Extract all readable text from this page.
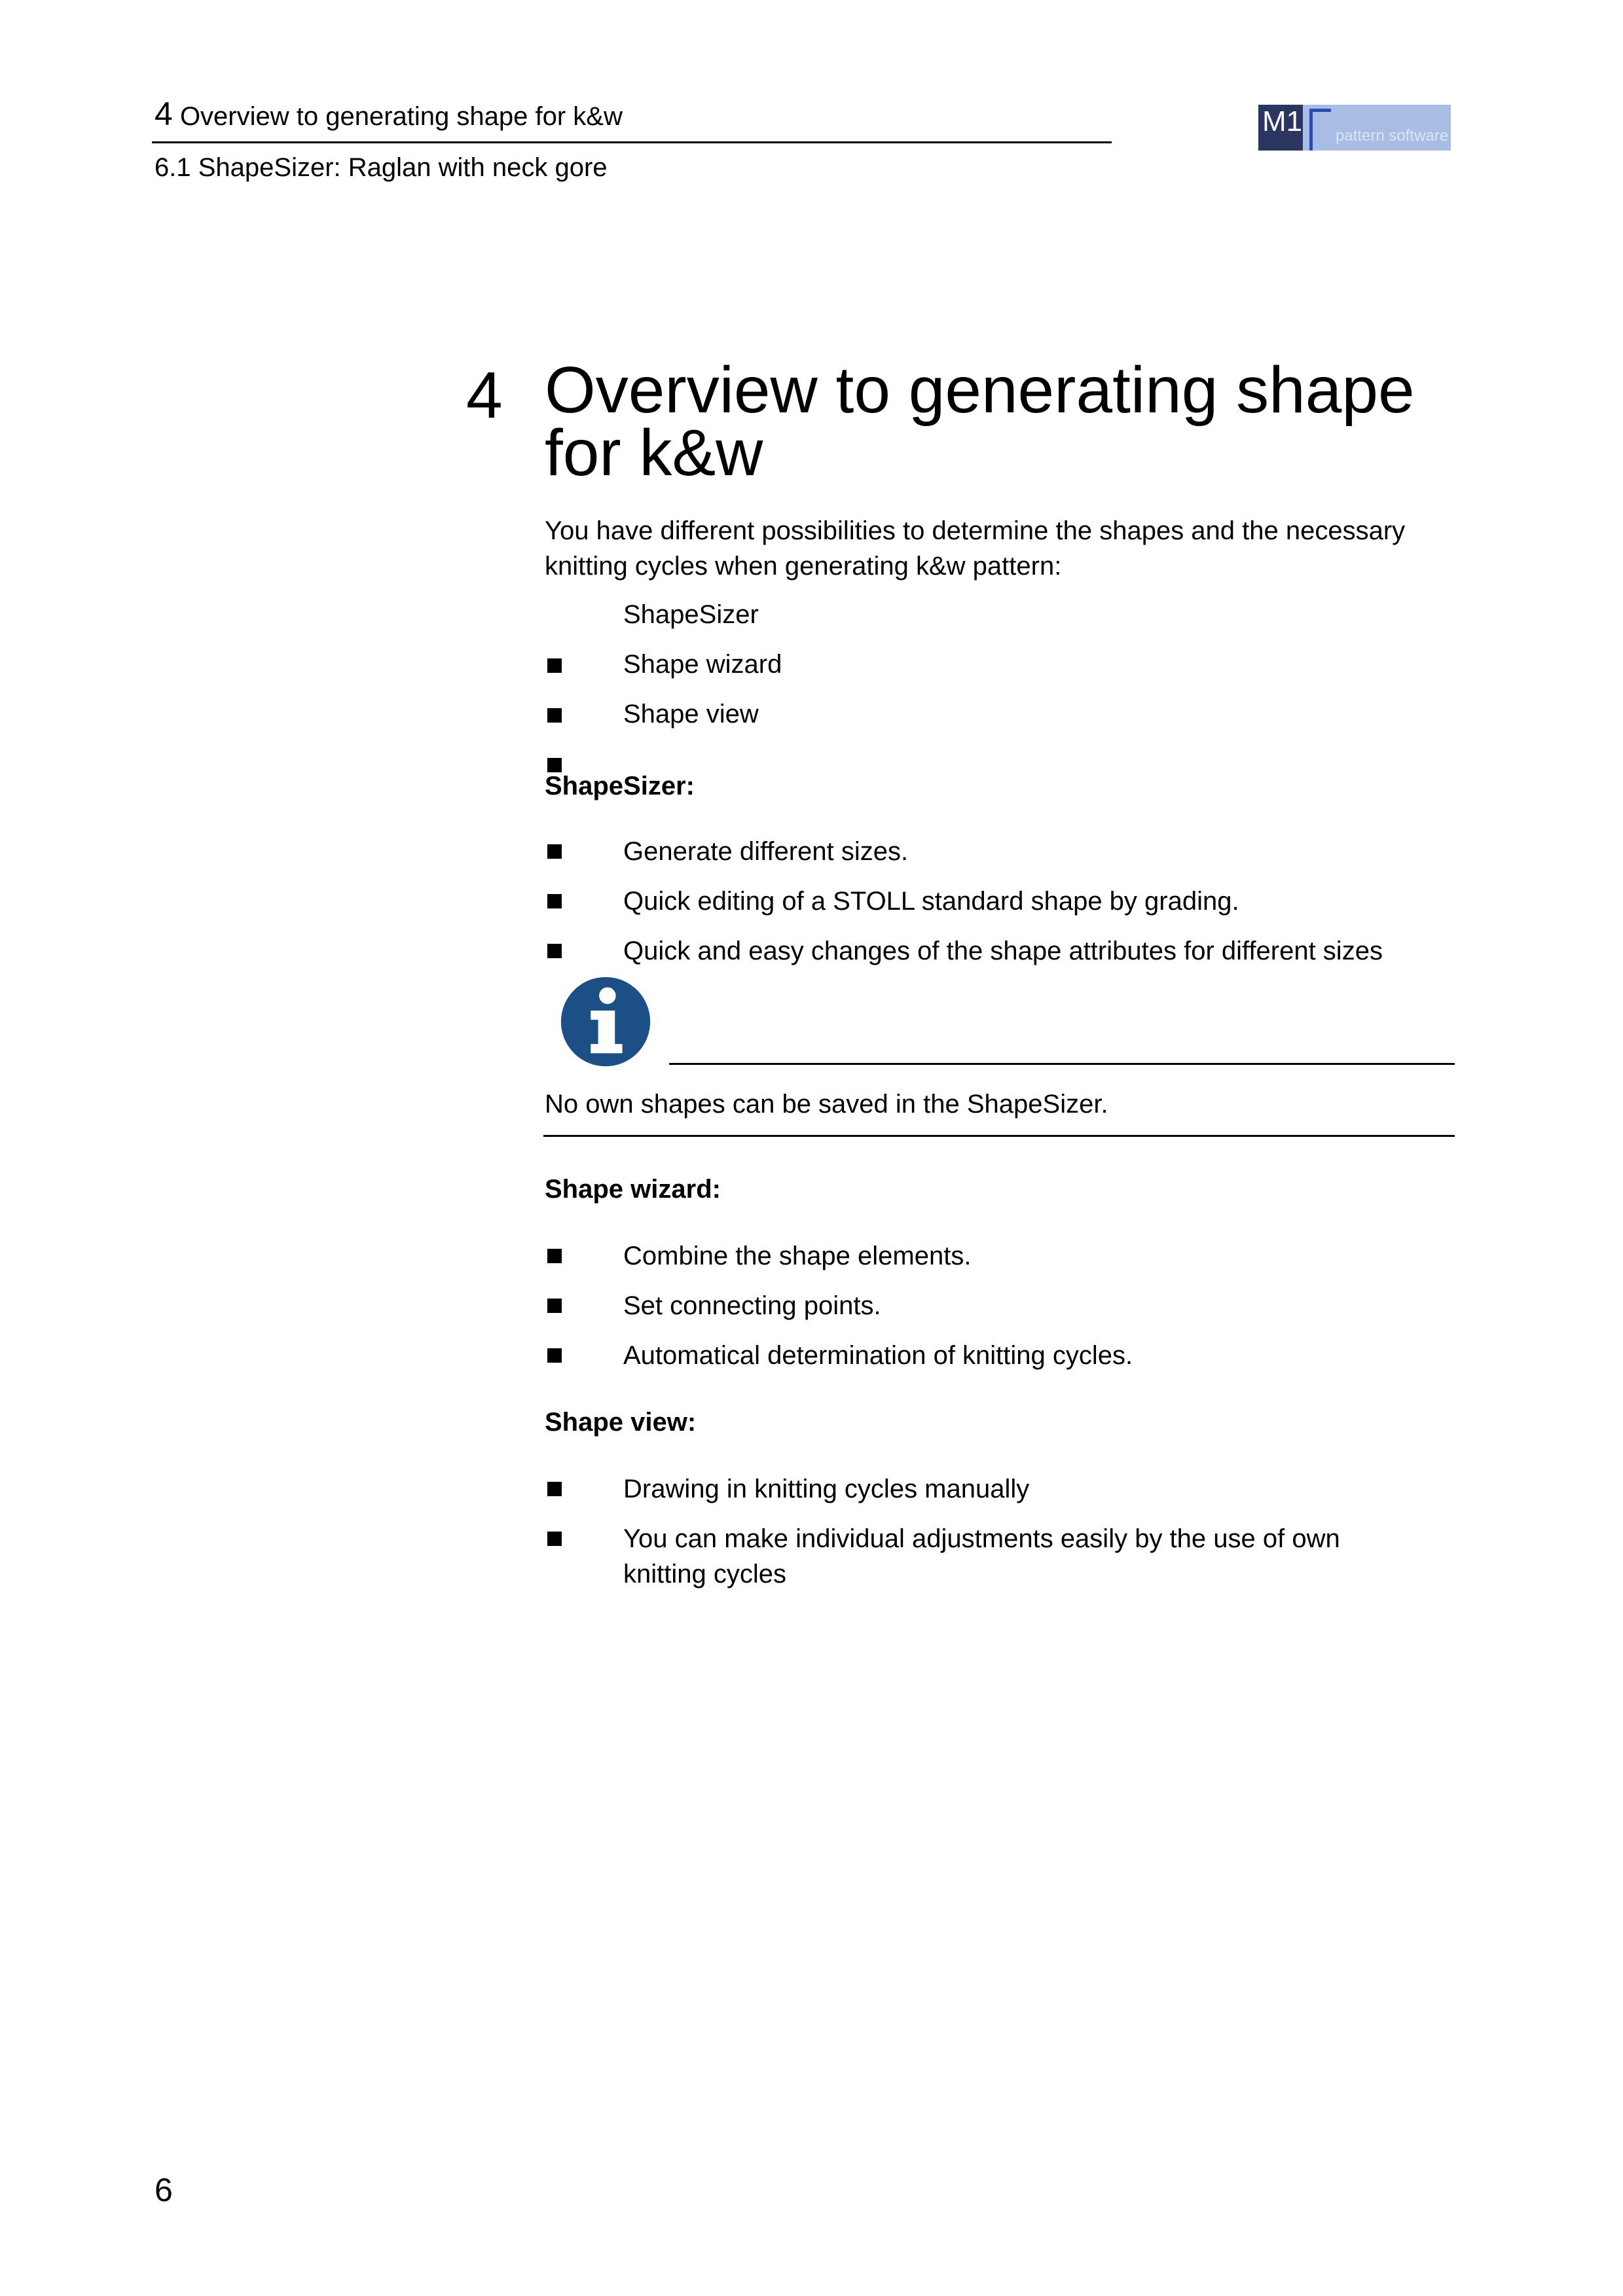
4 Overview to generating shape for k&w
6.1 ShapeSizer: Raglan with neck gore
M1 pattern software
4 Overview to generating shape for k&w
You have different possibilities to determine the shapes and the necessary knitting cycles when generating k&w pattern:
ShapeSizer
Shape wizard
Shape view
ShapeSizer:
Generate different sizes.
Quick editing of a STOLL standard shape by grading.
Quick and easy changes of the shape attributes for different sizes
No own shapes can be saved in the ShapeSizer.
Shape wizard:
Combine the shape elements.
Set connecting points.
Automatical determination of knitting cycles.
Shape view:
Drawing in knitting cycles manually
You can make individual adjustments easily by the use of own knitting cycles
6
